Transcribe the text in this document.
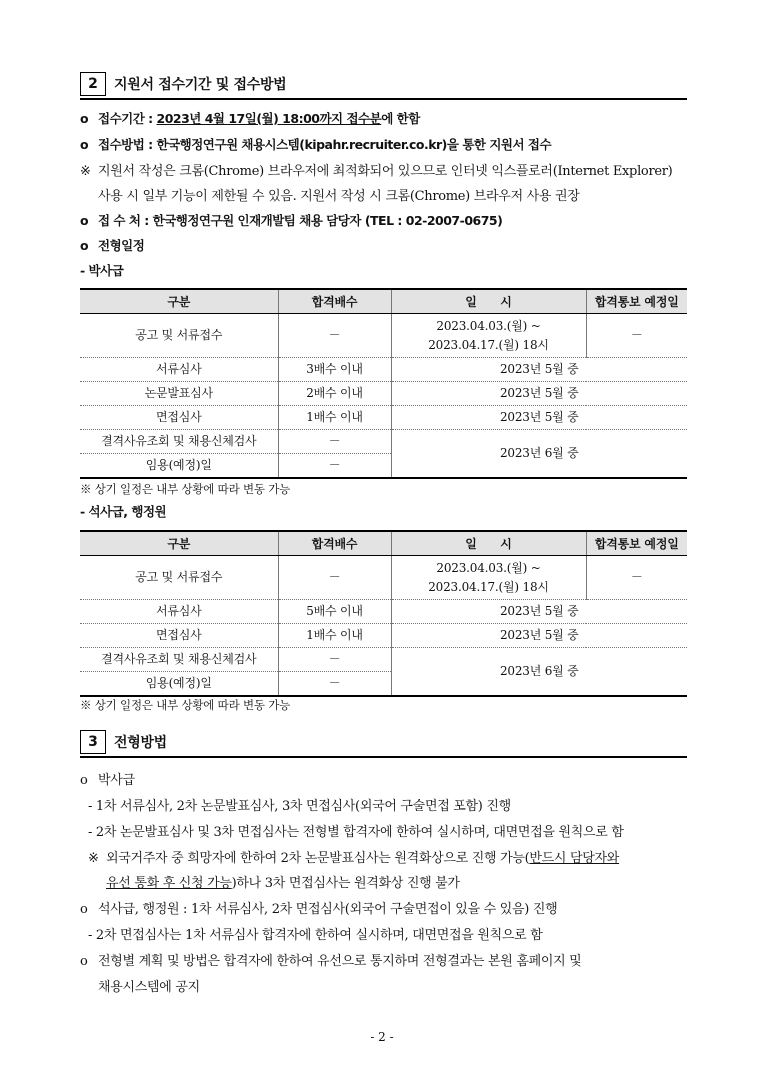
2	지원서 접수기간 및 접수방법
o 접수기간 : 2023년 4월 17일(월) 18:00까지 접수분에 한함
o 접수방법 : 한국행정연구원 채용시스템(kipahr.recruiter.co.kr)을 통한 지원서 접수
※ 지원서 작성은 크롬(Chrome) 브라우저에 최적화되어 있으므로 인터넷 익스플로러(Internet Explorer)
사용 시 일부 기능이 제한될 수 있음. 지원서 작성 시 크롬(Chrome) 브라우저 사용 권장
o 접 수 처 : 한국행정연구원 인재개발팀 채용 담당자 (TEL : 02-2007-0675)
o 전형일정
- 박사급
구분	합격배수	일　　시	합격통보 예정일
공고 및 서류접수	－	2023.04.03.(월) ~
2023.04.17.(월) 18시	－
서류심사	3배수 이내	2023년 5월 중	
논문발표심사	2배수 이내	2023년 5월 중	
면접심사	1배수 이내	2023년 5월 중	
결격사유조회 및 채용신체검사	－	2023년 6월 중	
임용(예정)일	－		
※ 상기 일정은 내부 상황에 따라 변동 가능
- 석사급, 행정원
구분	합격배수	일　　시	합격통보 예정일
공고 및 서류접수	－	2023.04.03.(월) ~
2023.04.17.(월) 18시	－
서류심사	5배수 이내	2023년 5월 중	
면접심사	1배수 이내	2023년 5월 중	
결격사유조회 및 채용신체검사	－	2023년 6월 중	
임용(예정)일	－		
※ 상기 일정은 내부 상황에 따라 변동 가능
3	전형방법
o 박사급
- 1차 서류심사, 2차 논문발표심사, 3차 면접심사(외국어 구술면접 포함) 진행
- 2차 논문발표심사 및 3차 면접심사는 전형별 합격자에 한하여 실시하며, 대면면접을 원칙으로 함
※ 외국거주자 중 희망자에 한하여 2차 논문발표심사는 원격화상으로 진행 가능(반드시 담당자와
유선 통화 후 신청 가능)하나 3차 면접심사는 원격화상 진행 불가
o 석사급, 행정원 : 1차 서류심사, 2차 면접심사(외국어 구술면접이 있을 수 있음) 진행
- 2차 면접심사는 1차 서류심사 합격자에 한하여 실시하며, 대면면접을 원칙으로 함
o 전형별 계획 및 방법은 합격자에 한하여 유선으로 통지하며 전형결과는 본원 홈페이지 및
채용시스템에 공지
- 2 -
